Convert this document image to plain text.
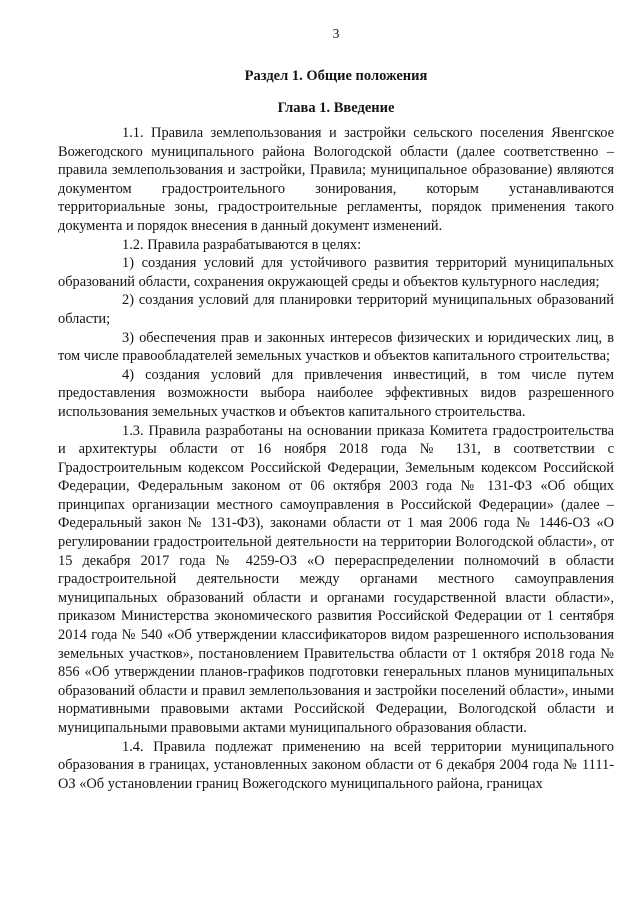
3
Раздел 1. Общие положения
Глава 1. Введение

1.1. Правила землепользования и застройки сельского поселения Явенгское Вожегодского муниципального района Вологодской области (далее соответственно – правила землепользования и застройки, Правила; муниципальное образование) являются документом градостроительного зонирования, которым устанавливаются территориальные зоны, градостроительные регламенты, порядок применения такого документа и порядок внесения в данный документ изменений.

1.2. Правила разрабатываются в целях:

1) создания условий для устойчивого развития территорий муниципальных образований области, сохранения окружающей среды и объектов культурного наследия;

2) создания условий для планировки территорий муниципальных образований области;

3) обеспечения прав и законных интересов физических и юридических лиц, в том числе правообладателей земельных участков и объектов капитального строительства;

4) создания условий для привлечения инвестиций, в том числе путем предоставления возможности выбора наиболее эффективных видов разрешенного использования земельных участков и объектов капитального строительства.

1.3. Правила разработаны на основании приказа Комитета градостроительства и архитектуры области от 16 ноября 2018 года № 131, в соответствии с Градостроительным кодексом Российской Федерации, Земельным кодексом Российской Федерации, Федеральным законом от 06 октября 2003 года № 131-ФЗ «Об общих принципах организации местного самоуправления в Российской Федерации» (далее – Федеральный закон № 131-ФЗ), законами области от 1 мая 2006 года № 1446-ОЗ «О регулировании градостроительной деятельности на территории Вологодской области», от 15 декабря 2017 года № 4259-ОЗ «О перераспределении полномочий в области градостроительной деятельности между органами местного самоуправления муниципальных образований области и органами государственной власти области», приказом Министерства экономического развития Российской Федерации от 1 сентября 2014 года № 540 «Об утверждении классификаторов видом разрешенного использования земельных участков», постановлением Правительства области от 1 октября 2018 года № 856 «Об утверждении планов-графиков подготовки генеральных планов муниципальных образований области и правил землепользования и застройки поселений области», иными нормативными правовыми актами Российской Федерации, Вологодской области и муниципальными правовыми актами муниципального образования области.

1.4. Правила подлежат применению на всей территории муниципального образования в границах, установленных законом области от 6 декабря 2004 года № 1111-ОЗ «Об установлении границ Вожегодского муниципального района, границах
